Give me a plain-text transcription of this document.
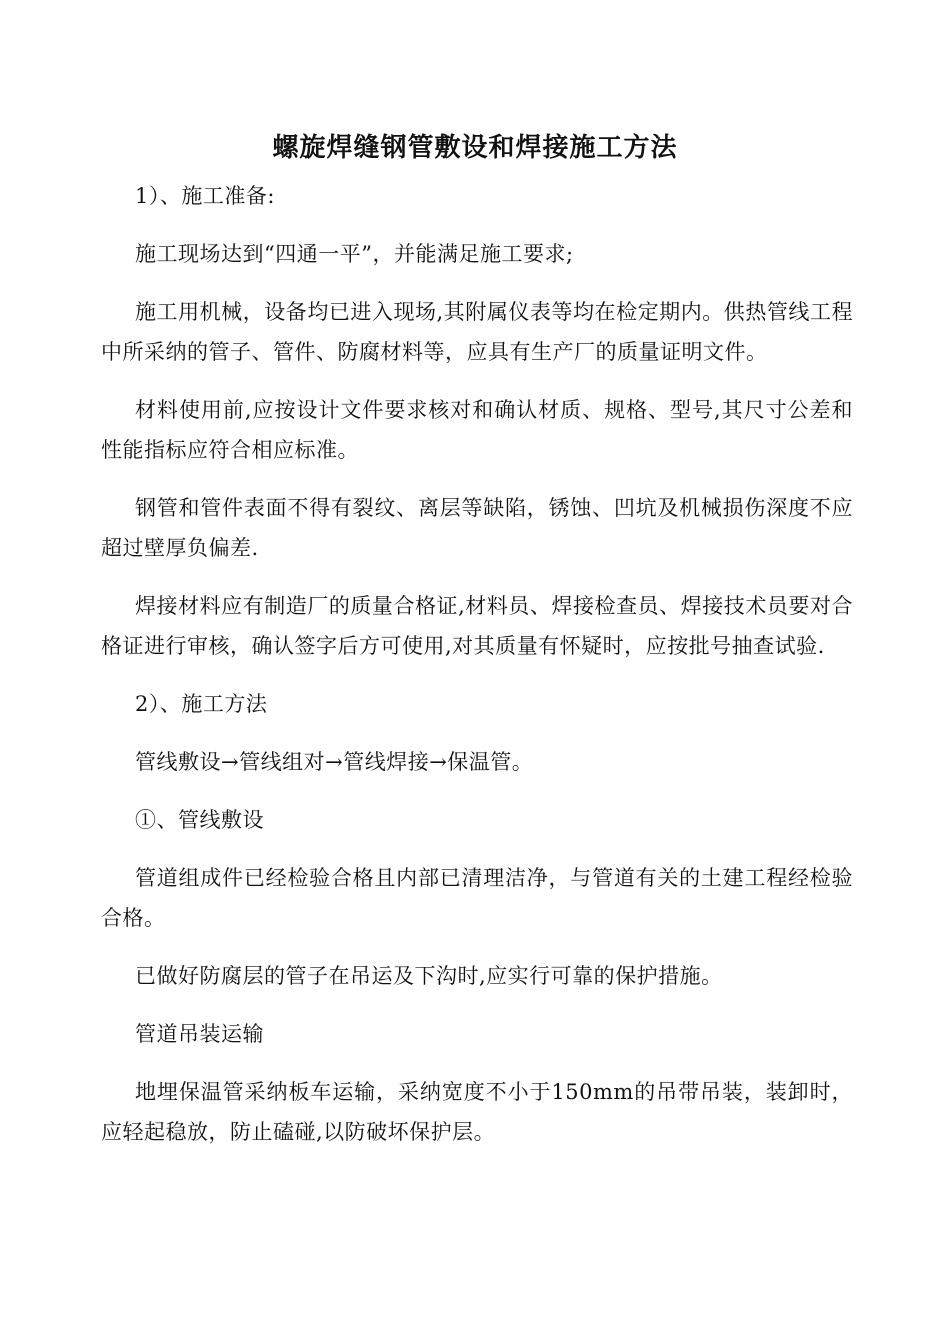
螺旋焊缝钢管敷设和焊接施工方法

1）、施工准备:

施工现场达到“四通一平”，并能满足施工要求;

施工用机械，设备均已进入现场,其附属仪表等均在检定期内。供热管线工程中所采纳的管子、管件、防腐材料等，应具有生产厂的质量证明文件。

材料使用前,应按设计文件要求核对和确认材质、规格、型号,其尺寸公差和性能指标应符合相应标准。

钢管和管件表面不得有裂纹、离层等缺陷，锈蚀、凹坑及机械损伤深度不应超过壁厚负偏差.

焊接材料应有制造厂的质量合格证,材料员、焊接检查员、焊接技术员要对合格证进行审核，确认签字后方可使用,对其质量有怀疑时，应按批号抽查试验.

2）、施工方法

管线敷设→管线组对→管线焊接→保温管。

①、管线敷设

管道组成件已经检验合格且内部已清理洁净，与管道有关的土建工程经检验合格。

已做好防腐层的管子在吊运及下沟时,应实行可靠的保护措施。

管道吊装运输

地埋保温管采纳板车运输，采纳宽度不小于150mm的吊带吊装，装卸时，应轻起稳放，防止磕碰,以防破坏保护层。
